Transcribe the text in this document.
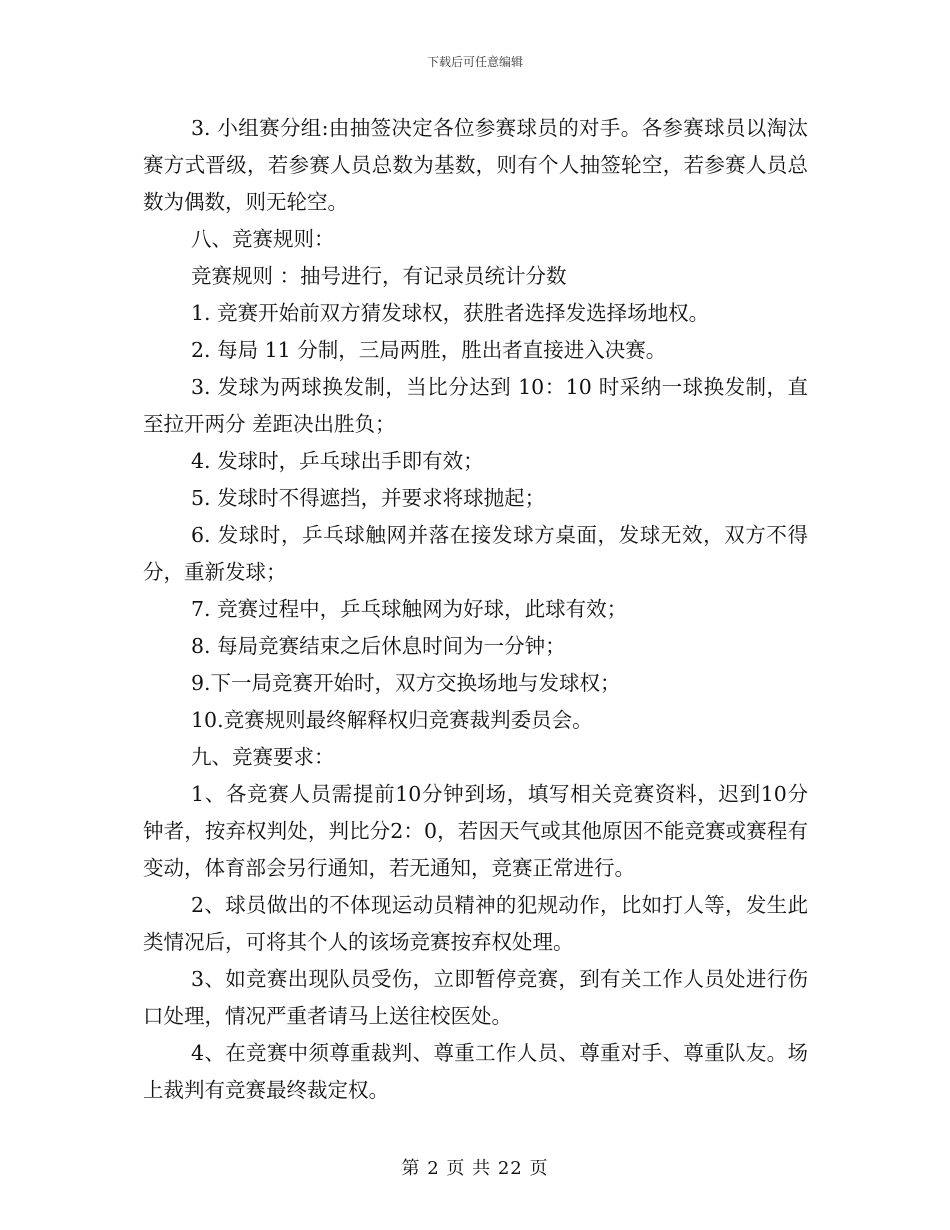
下载后可任意编辑

3. 小组赛分组:由抽签决定各位参赛球员的对手。各参赛球员以淘汰赛方式晋级，若参赛人员总数为基数，则有个人抽签轮空，若参赛人员总数为偶数，则无轮空。

八、竞赛规则：

竞赛规则 ：抽号进行，有记录员统计分数

1. 竞赛开始前双方猜发球权，获胜者选择发选择场地权。

2. 每局 11 分制，三局两胜，胜出者直接进入决赛。

3. 发球为两球换发制，当比分达到 10：10 时采纳一球换发制，直至拉开两分 差距决出胜负；

4. 发球时，乒乓球出手即有效；

5. 发球时不得遮挡，并要求将球抛起；

6. 发球时，乒乓球触网并落在接发球方桌面，发球无效，双方不得分，重新发球；

7. 竞赛过程中，乒乓球触网为好球，此球有效；

8. 每局竞赛结束之后休息时间为一分钟；

9.下一局竞赛开始时，双方交换场地与发球权；

10.竞赛规则最终解释权归竞赛裁判委员会。

九、竞赛要求：

1、各竞赛人员需提前10分钟到场，填写相关竞赛资料，迟到10分钟者，按弃权判处，判比分2：0，若因天气或其他原因不能竞赛或赛程有变动，体育部会另行通知，若无通知，竞赛正常进行。

2、球员做出的不体现运动员精神的犯规动作，比如打人等，发生此类情况后，可将其个人的该场竞赛按弃权处理。

3、如竞赛出现队员受伤，立即暂停竞赛，到有关工作人员处进行伤口处理，情况严重者请马上送往校医处。

4、在竞赛中须尊重裁判、尊重工作人员、尊重对手、尊重队友。场上裁判有竞赛最终裁定权。

第 2 页 共 22 页
